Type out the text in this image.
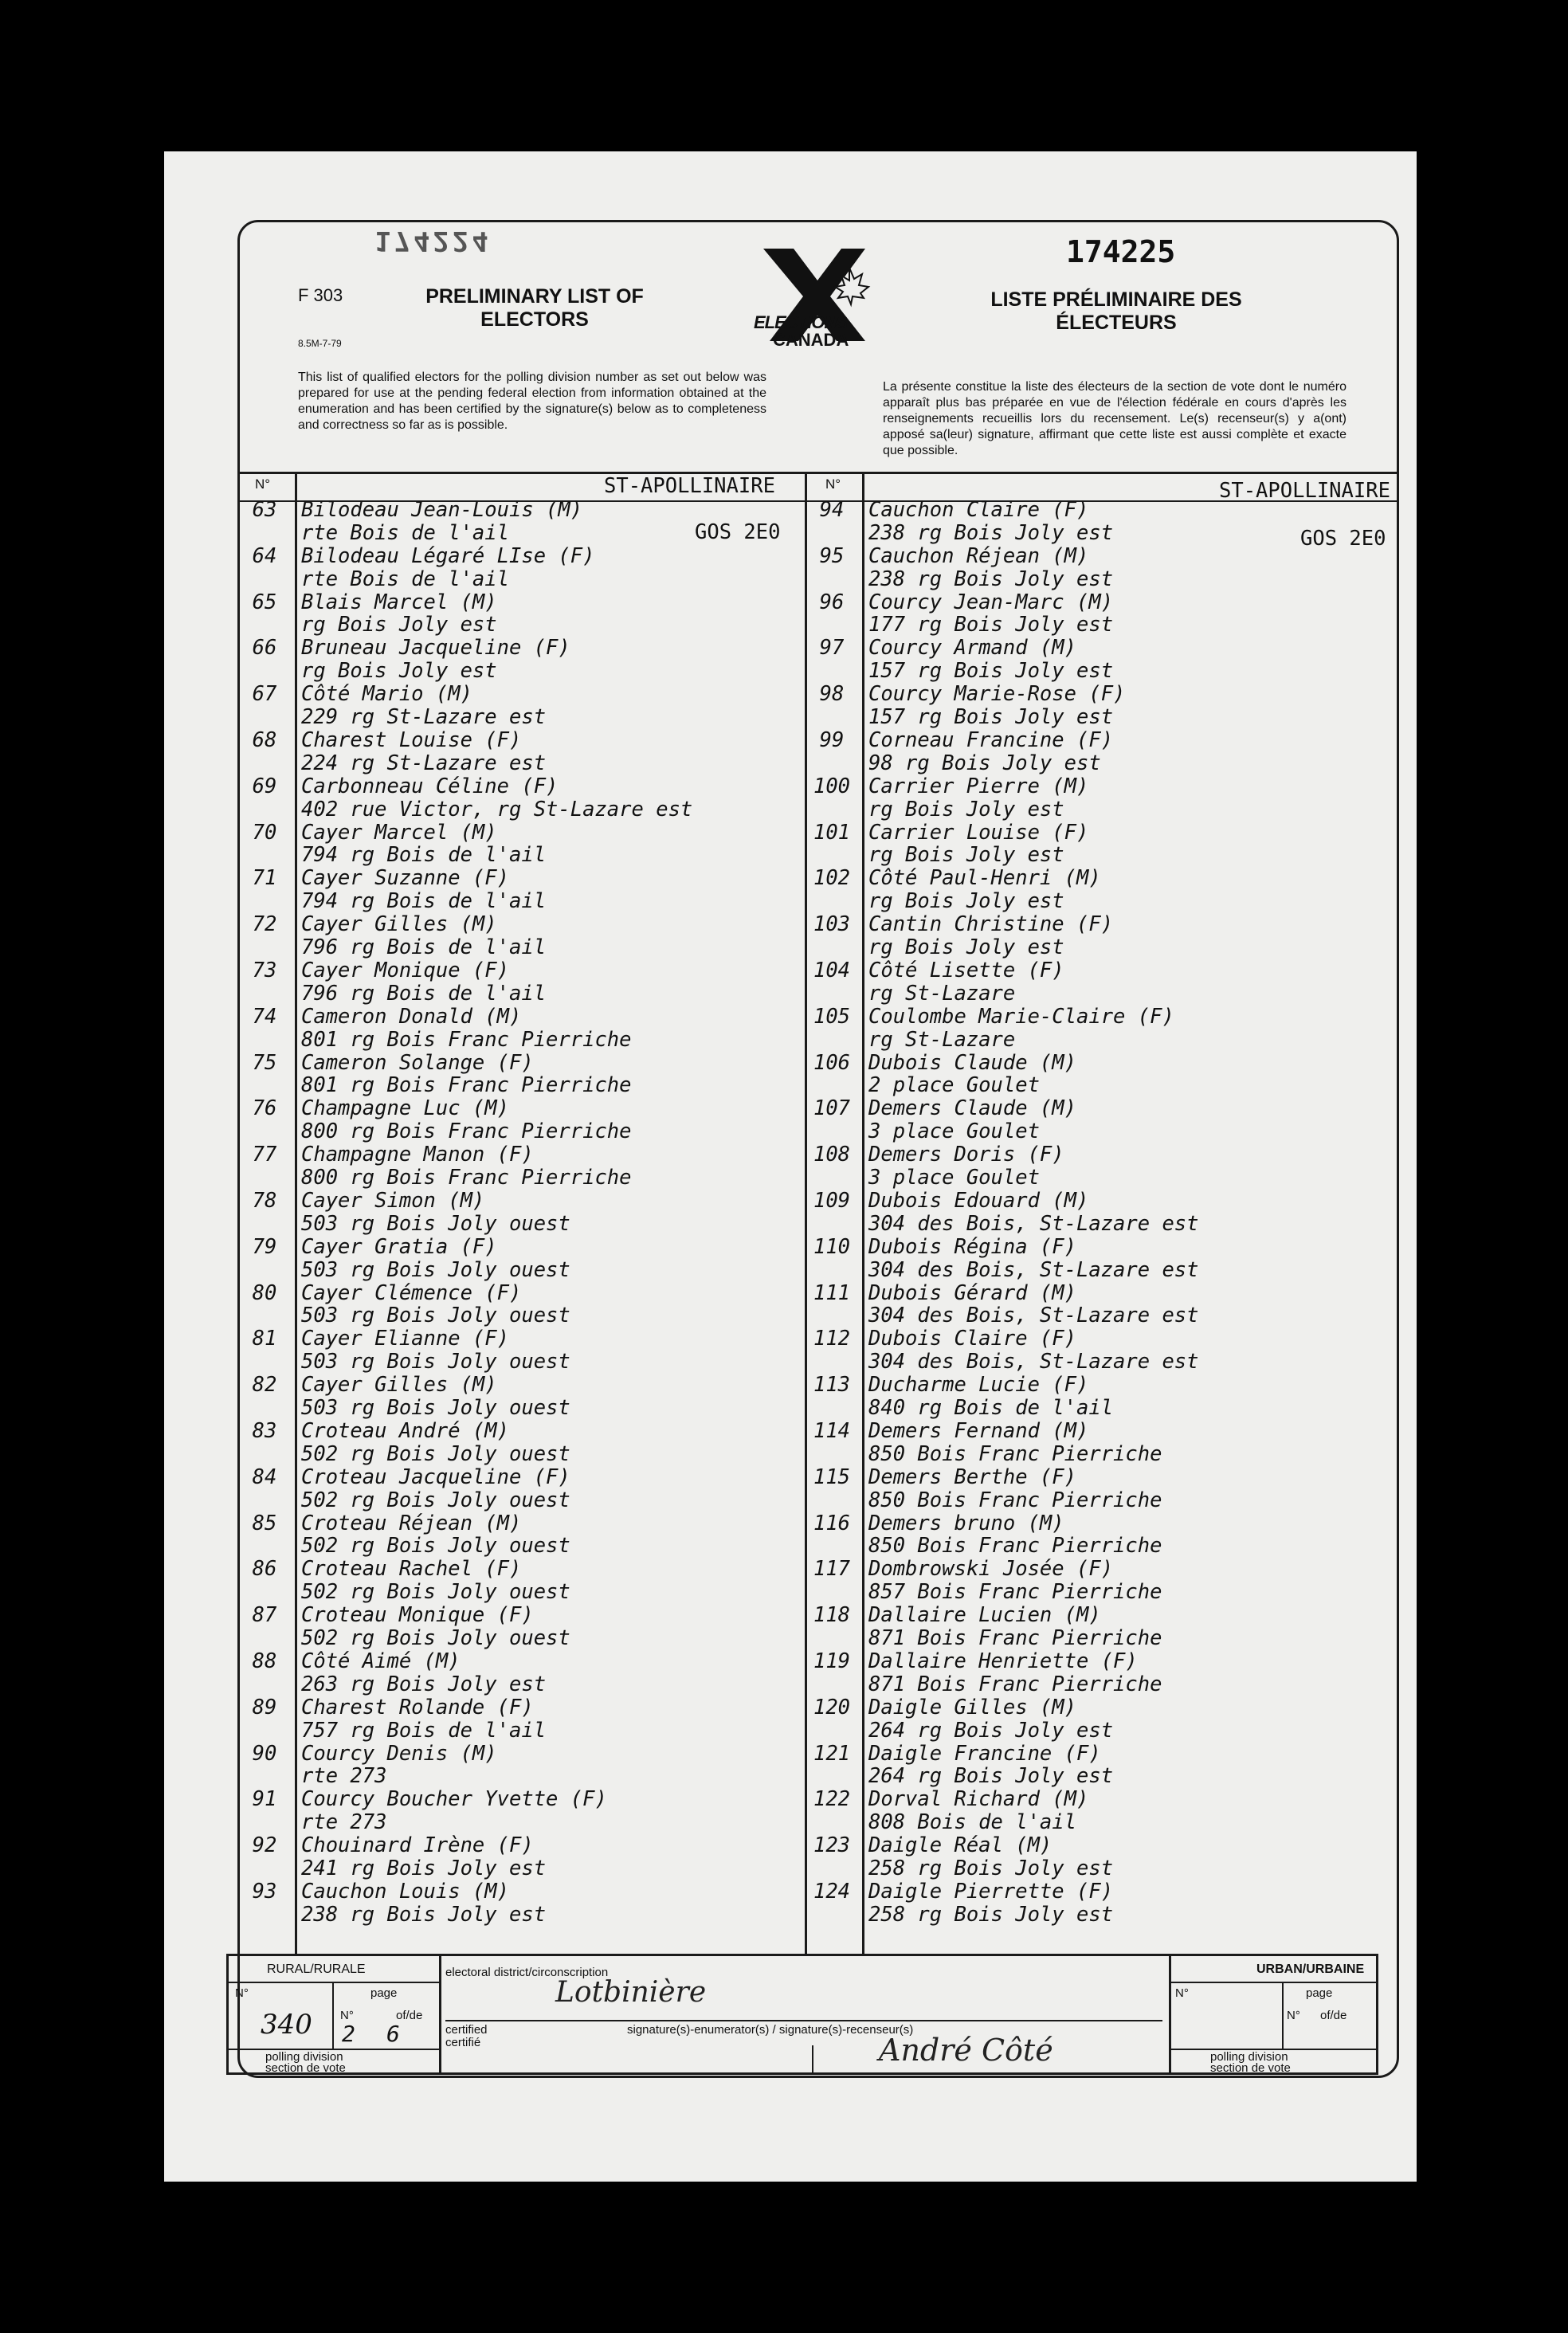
174224
F 303
8.5M-7-79
PRELIMINARY LIST OF ELECTORS	ELECTIONS
CANADA
174225
LISTE PRÉLIMINAIRE DES ÉLECTEURS
This list of qualified electors for the polling division number as set out below was prepared for use at the pending federal election from information obtained at the enumeration and has been certified by the signature(s) below as to completeness and correctness so far as is possible.
La présente constitue la liste des électeurs de la section de vote dont le numéro apparaît plus bas préparée en vue de l'élection fédérale en cours d'après les renseignements recueillis lors du recensement. Le(s) recenseur(s) y a(ont) apposé sa(leur) signature, affirmant que cette liste est aussi complète et exacte que possible.
N°	N°
ST-APOLLINAIRE	ST-APOLLINAIRE
GOS 2E0	GOS 2E0
63	Bilodeau Jean-Louis (M)
rte Bois de l'ail
64	Bilodeau Légaré LIse (F)
rte Bois de l'ail
65	Blais Marcel (M)
rg Bois Joly est
66	Bruneau Jacqueline (F)
rg Bois Joly est
67	Côté Mario (M)
229 rg St-Lazare est
68	Charest Louise (F)
224 rg St-Lazare est
69	Carbonneau Céline (F)
402 rue Victor, rg St-Lazare est
70	Cayer Marcel (M)
794 rg Bois de l'ail
71	Cayer Suzanne (F)
794 rg Bois de l'ail
72	Cayer Gilles (M)
796 rg Bois de l'ail
73	Cayer Monique (F)
796 rg Bois de l'ail
74	Cameron Donald (M)
801 rg Bois Franc Pierriche
75	Cameron Solange (F)
801 rg Bois Franc Pierriche
76	Champagne Luc (M)
800 rg Bois Franc Pierriche
77	Champagne Manon (F)
800 rg Bois Franc Pierriche
78	Cayer Simon (M)
503 rg Bois Joly ouest
79	Cayer Gratia (F)
503 rg Bois Joly ouest
80	Cayer Clémence (F)
503 rg Bois Joly ouest
81	Cayer Elianne (F)
503 rg Bois Joly ouest
82	Cayer Gilles (M)
503 rg Bois Joly ouest
83	Croteau André (M)
502 rg Bois Joly ouest
84	Croteau Jacqueline (F)
502 rg Bois Joly ouest
85	Croteau Réjean (M)
502 rg Bois Joly ouest
86	Croteau Rachel (F)
502 rg Bois Joly ouest
87	Croteau Monique (F)
502 rg Bois Joly ouest
88	Côté Aimé (M)
263 rg Bois Joly est
89	Charest Rolande (F)
757 rg Bois de l'ail
90	Courcy Denis (M)
rte 273
91	Courcy Boucher Yvette (F)
rte 273
92	Chouinard Irène (F)
241 rg Bois Joly est
93	Cauchon Louis (M)
238 rg Bois Joly est
94	Cauchon Claire (F)
238 rg Bois Joly est
95	Cauchon Réjean (M)
238 rg Bois Joly est
96	Courcy Jean-Marc (M)
177 rg Bois Joly est
97	Courcy Armand (M)
157 rg Bois Joly est
98	Courcy Marie-Rose (F)
157 rg Bois Joly est
99	Corneau Francine (F)
98 rg Bois Joly est
100 Carrier Pierre (M)
rg Bois Joly est
101 Carrier Louise (F)
rg Bois Joly est
102 Côté Paul-Henri (M)
rg Bois Joly est
103 Cantin Christine (F)
rg Bois Joly est
104 Côté Lisette (F)
rg St-Lazare
105 Coulombe Marie-Claire (F)
rg St-Lazare
106 Dubois Claude (M)
2 place Goulet
107 Demers Claude (M)
3 place Goulet
108 Demers Doris (F)
3 place Goulet
109 Dubois Edouard (M)
304 des Bois, St-Lazare est
110 Dubois Régina (F)
304 des Bois, St-Lazare est
111 Dubois Gérard (M)
304 des Bois, St-Lazare est
112 Dubois Claire (F)
304 des Bois, St-Lazare est
113 Ducharme Lucie (F)
840 rg Bois de l'ail
114 Demers Fernand (M)
850 Bois Franc Pierriche
115 Demers Berthe (F)
850 Bois Franc Pierriche
116 Demers bruno (M)
850 Bois Franc Pierriche
117 Dombrowski Josée (F)
857 Bois Franc Pierriche
118 Dallaire Lucien (M)
871 Bois Franc Pierriche
119 Dallaire Henriette (F)
871 Bois Franc Pierriche
120 Daigle Gilles (M)
264 rg Bois Joly est
121 Daigle Francine (F)
264 rg Bois Joly est
122 Dorval Richard (M)
808 Bois de l'ail
123 Daigle Réal (M)
258 rg Bois Joly est
124 Daigle Pierrette (F)
258 rg Bois Joly est
RURAL/RURALE	URBAN/URBAINE
N°	page
N°	of/de
polling division
section de vote
340 2 6
electoral district/circonscription
Lotbinière
certified
certifié
signature(s)-enumerator(s) / signature(s)-recenseur(s)
André Côté
N°	page
N° of/de
polling division
section de vote
